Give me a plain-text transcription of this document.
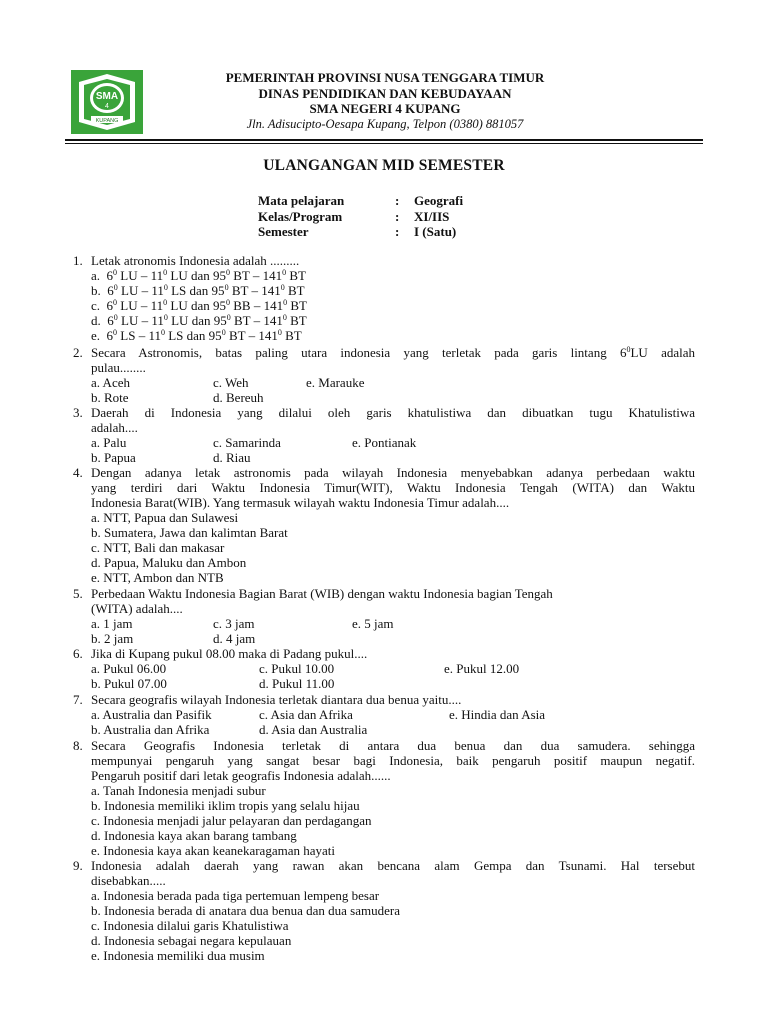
SMA
4
KUPANG
PEMERINTAH PROVINSI NUSA TENGGARA TIMUR
DINAS PENDIDIKAN DAN KEBUDAYAAN
SMA NEGERI 4 KUPANG
Jln. Adisucipto-Oesapa Kupang, Telpon (0380) 881057
ULANGANGAN MID SEMESTER
Mata pelajaran	:	Geografi
Kelas/Program	:	XI/IIS
Semester	:	I (Satu)
1. Letak atronomis Indonesia adalah .........
a. $6^0$ LU – $11^0$ LU dan $95^0$ BT – $141^0$ BT
b. $6^0$ LU – $11^0$ LS dan $95^0$ BT – $141^0$ BT
c. $6^0$ LU – $11^0$ LU dan $95^0$ BB – $141^0$ BT
d. $6^0$ LU – $11^0$ LU dan $95^0$ BT – $141^0$ BT
e. $6^0$ LS – $11^0$ LS dan $95^0$ BT – $141^0$ BT
2. Secara Astronomis, batas paling utara indonesia yang terletak pada garis lintang $6^0LU$ adalah
pulau........
a. Aceh	c. Weh	e. Marauke
b. Rote	d. Bereuh
3. Daerah di Indonesia yang dilalui oleh garis khatulistiwa dan dibuatkan tugu Khatulistiwa
adalah....
a. Palu	c. Samarinda	e. Pontianak
b. Papua	d. Riau
4. Dengan adanya letak astronomis pada wilayah Indonesia menyebabkan adanya perbedaan waktu
yang terdiri dari Waktu Indonesia Timur(WIT), Waktu Indonesia Tengah (WITA) dan Waktu
Indonesia Barat(WIB). Yang termasuk wilayah waktu Indonesia Timur adalah....
a. NTT, Papua dan Sulawesi
b. Sumatera, Jawa dan kalimtan Barat
c. NTT, Bali dan makasar
d. Papua, Maluku dan Ambon
e. NTT, Ambon dan NTB
5. Perbedaan Waktu Indonesia Bagian Barat (WIB) dengan waktu Indonesia bagian Tengah
(WITA) adalah....
a. 1 jam	c. 3 jam	e. 5 jam
b. 2 jam	d. 4 jam
6. Jika di Kupang pukul 08.00 maka di Padang pukul....
a. Pukul 06.00	c. Pukul 10.00	e. Pukul 12.00
b. Pukul 07.00	d. Pukul 11.00
7. Secara geografis wilayah Indonesia terletak diantara dua benua yaitu....
a. Australia dan Pasifik	c. Asia dan Afrika	e. Hindia dan Asia
b. Australia dan Afrika	d. Asia dan Australia
8. Secara Geografis Indonesia terletak di antara dua benua dan dua samudera. sehingga
mempunyai pengaruh yang sangat besar bagi Indonesia, baik pengaruh positif maupun negatif.
Pengaruh positif dari letak geografis Indonesia adalah......
a. Tanah Indonesia menjadi subur
b. Indonesia memiliki iklim tropis yang selalu hijau
c. Indonesia menjadi jalur pelayaran dan perdagangan
d. Indonesia kaya akan barang tambang
e. Indonesia kaya akan keanekaragaman hayati
9. Indonesia adalah daerah yang rawan akan bencana alam Gempa dan Tsunami. Hal tersebut
disebabkan.....
a. Indonesia berada pada tiga pertemuan lempeng besar
b. Indonesia berada di anatara dua benua dan dua samudera
c. Indonesia dilalui garis Khatulistiwa
d. Indonesia sebagai negara kepulauan
e. Indonesia memiliki dua musim
